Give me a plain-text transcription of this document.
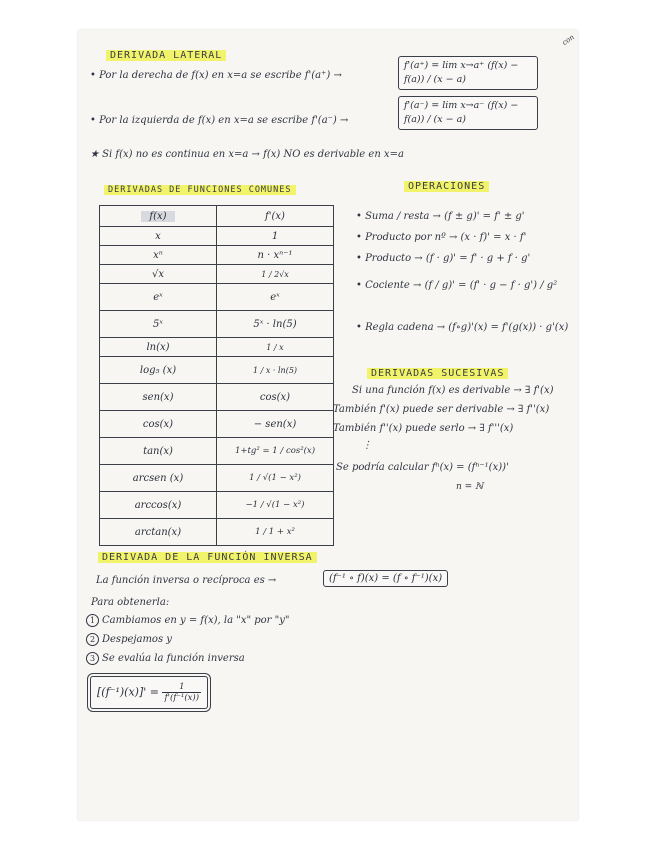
con
DERIVADA LATERAL
• Por la derecha de f(x) en x=a se escribe f'(a⁺) →
f'(a⁺) = lim x→a⁺ (f(x) − f(a)) / (x − a)
• Por la izquierda de f(x) en x=a se escribe f'(a⁻) →
f'(a⁻) = lim x→a⁻ (f(x) − f(a)) / (x − a)
★ Si f(x) no es continua en x=a → f(x) NO es derivable en x=a
DERIVADAS DE FUNCIONES COMUNES
f(x)	f'(x)
x	1
xⁿ	n · xⁿ⁻¹
√x	1 / 2√x
eˣ	eˣ
5ˣ	5ˣ · ln(5)
ln(x)	1 / x
log₅ (x)	1 / x · ln(5)
sen(x)	cos(x)
cos(x)	− sen(x)
tan(x)	1+tg² = 1 / cos²(x)
arcsen (x)	1 / √(1 − x²)
arccos(x)	−1 / √(1 − x²)
arctan(x)	1 / 1 + x²
OPERACIONES
• Suma / resta → (f ± g)' = f' ± g'
• Producto por nº → (x · f)' = x · f'
• Producto → (f · g)' = f' · g + f · g'
• Cociente → (f / g)' = (f' · g − f · g') / g²
• Regla cadena → (f∘g)'(x) = f'(g(x)) · g'(x)
DERIVADAS SUCESIVAS
Si una función f(x) es derivable → ∃ f'(x)
También f'(x) puede ser derivable → ∃ f''(x)
También f''(x) puede serlo → ∃ f'''(x)
⋮
Se podría calcular fⁿ(x) = (fⁿ⁻¹(x))'
n = ℕ
DERIVADA DE LA FUNCIÓN INVERSA
La función inversa o recíproca es →	(f⁻¹ ∘ f)(x) = (f ∘ f⁻¹)(x)
Para obtenerla:
1 Cambiamos en y = f(x), la "x" por "y"
2 Despejamos y
3 Se evalúa la función inversa
$[(f^{-1})(x)]' = \frac{1}{\text{f'(f⁻¹(x))}}$
